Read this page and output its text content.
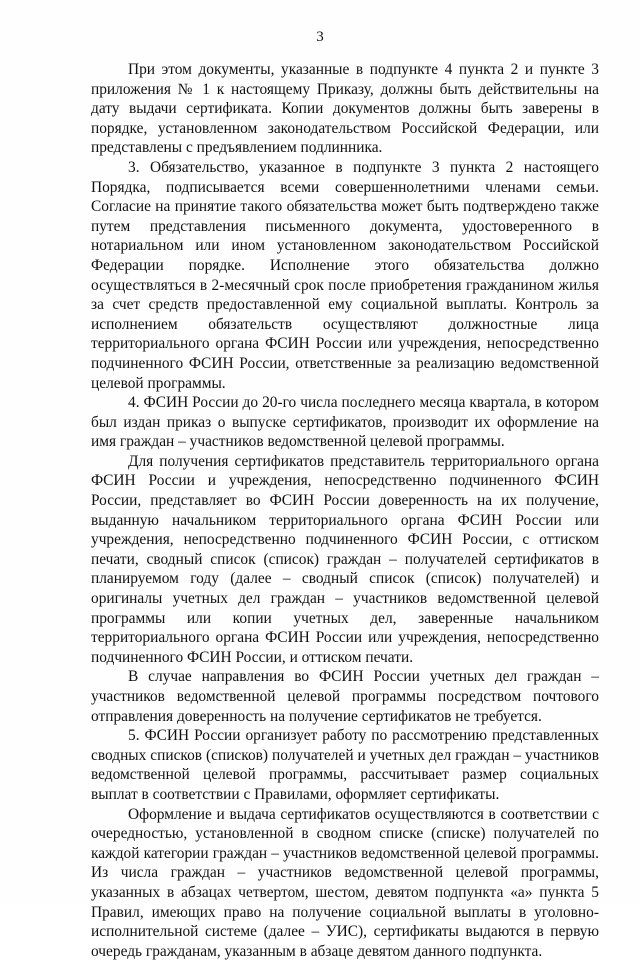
3

При этом документы, указанные в подпункте 4 пункта 2 и пункте 3 приложения № 1 к настоящему Приказу, должны быть действительны на дату выдачи сертификата. Копии документов должны быть заверены в порядке, установленном законодательством Российской Федерации, или представлены с предъявлением подлинника.

3. Обязательство, указанное в подпункте 3 пункта 2 настоящего Порядка, подписывается всеми совершеннолетними членами семьи. Согласие на принятие такого обязательства может быть подтверждено также путем представления письменного документа, удостоверенного в нотариальном или ином установленном законодательством Российской Федерации порядке. Исполнение этого обязательства должно осуществляться в 2-месячный срок после приобретения гражданином жилья за счет средств предоставленной ему социальной выплаты. Контроль за исполнением обязательств осуществляют должностные лица территориального органа ФСИН России или учреждения, непосредственно подчиненного ФСИН России, ответственные за реализацию ведомственной целевой программы.

4. ФСИН России до 20-го числа последнего месяца квартала, в котором был издан приказ о выпуске сертификатов, производит их оформление на имя граждан – участников ведомственной целевой программы.

Для получения сертификатов представитель территориального органа ФСИН России и учреждения, непосредственно подчиненного ФСИН России, представляет во ФСИН России доверенность на их получение, выданную начальником территориального органа ФСИН России или учреждения, непосредственно подчиненного ФСИН России, с оттиском печати, сводный список (список) граждан – получателей сертификатов в планируемом году (далее – сводный список (список) получателей) и оригиналы учетных дел граждан – участников ведомственной целевой программы или копии учетных дел, заверенные начальником территориального органа ФСИН России или учреждения, непосредственно подчиненного ФСИН России, и оттиском печати.

В случае направления во ФСИН России учетных дел граждан – участников ведомственной целевой программы посредством почтового отправления доверенность на получение сертификатов не требуется.

5. ФСИН России организует работу по рассмотрению представленных сводных списков (списков) получателей и учетных дел граждан – участников ведомственной целевой программы, рассчитывает размер социальных выплат в соответствии с Правилами, оформляет сертификаты.

Оформление и выдача сертификатов осуществляются в соответствии с очередностью, установленной в сводном списке (списке) получателей по каждой категории граждан – участников ведомственной целевой программы. Из числа граждан – участников ведомственной целевой программы, указанных в абзацах четвертом, шестом, девятом подпункта «а» пункта 5 Правил, имеющих право на получение социальной выплаты в уголовно-исполнительной системе (далее – УИС), сертификаты выдаются в первую очередь гражданам, указанным в абзаце девятом данного подпункта.
